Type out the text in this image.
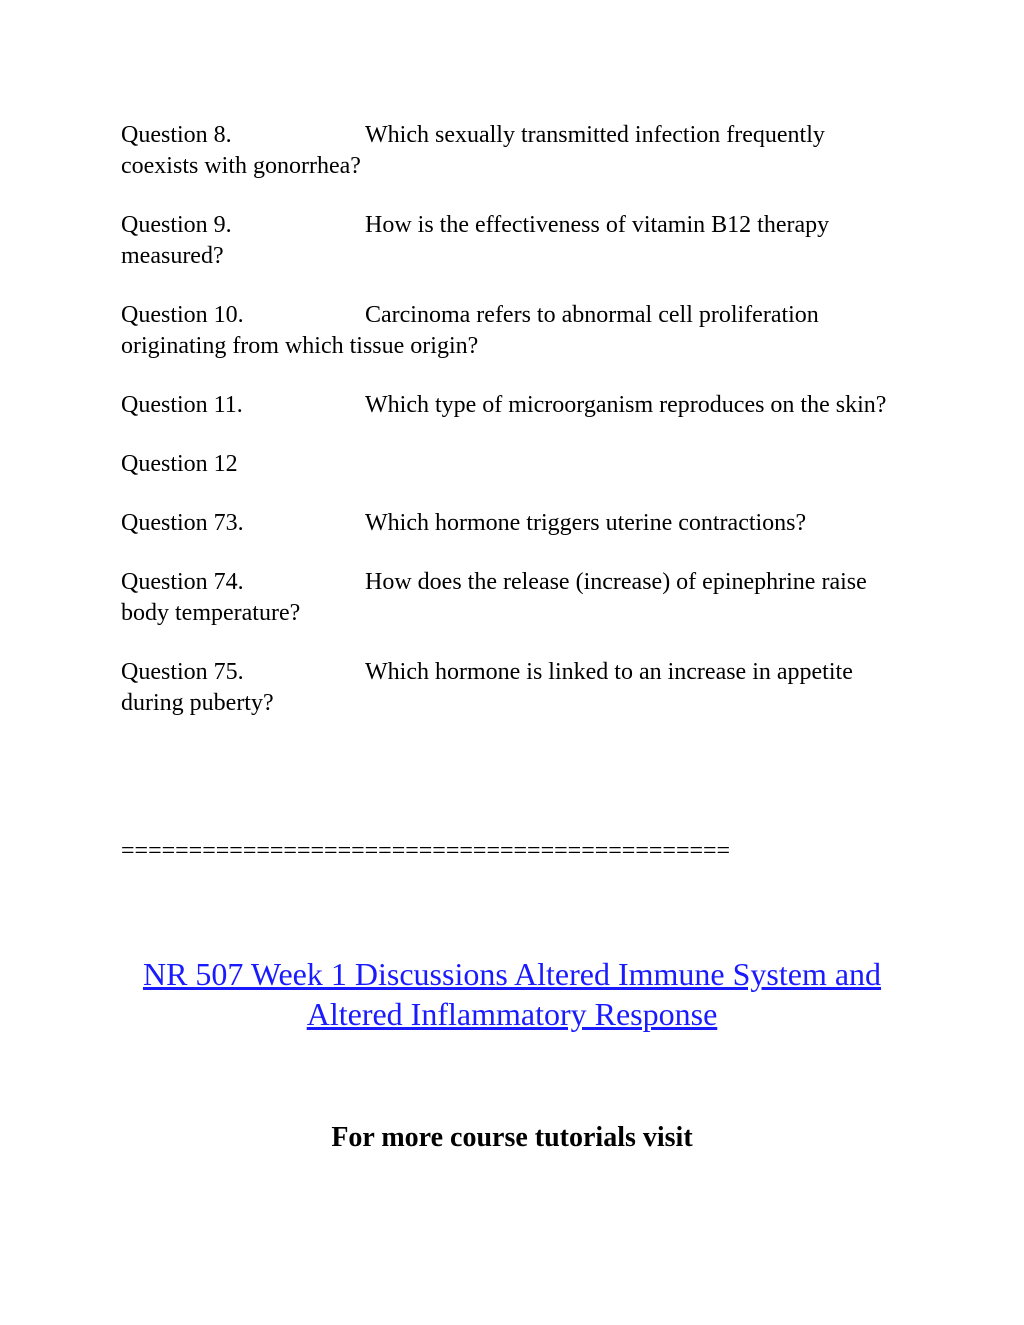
Question 8.	Which sexually transmitted infection frequently coexists with gonorrhea?

Question 9.	How is the effectiveness of vitamin B12 therapy measured?

Question 10.	Carcinoma refers to abnormal cell proliferation originating from which tissue origin?

Question 11.	Which type of microorganism reproduces on the skin?

Question 12

Question 73.	Which hormone triggers uterine contractions?

Question 74.	How does the release (increase) of epinephrine raise body temperature?

Question 75.	Which hormone is linked to an increase in appetite during puberty?

=============================================
NR 507 Week 1 Discussions Altered Immune System and
Altered Inflammatory Response
For more course tutorials visit
